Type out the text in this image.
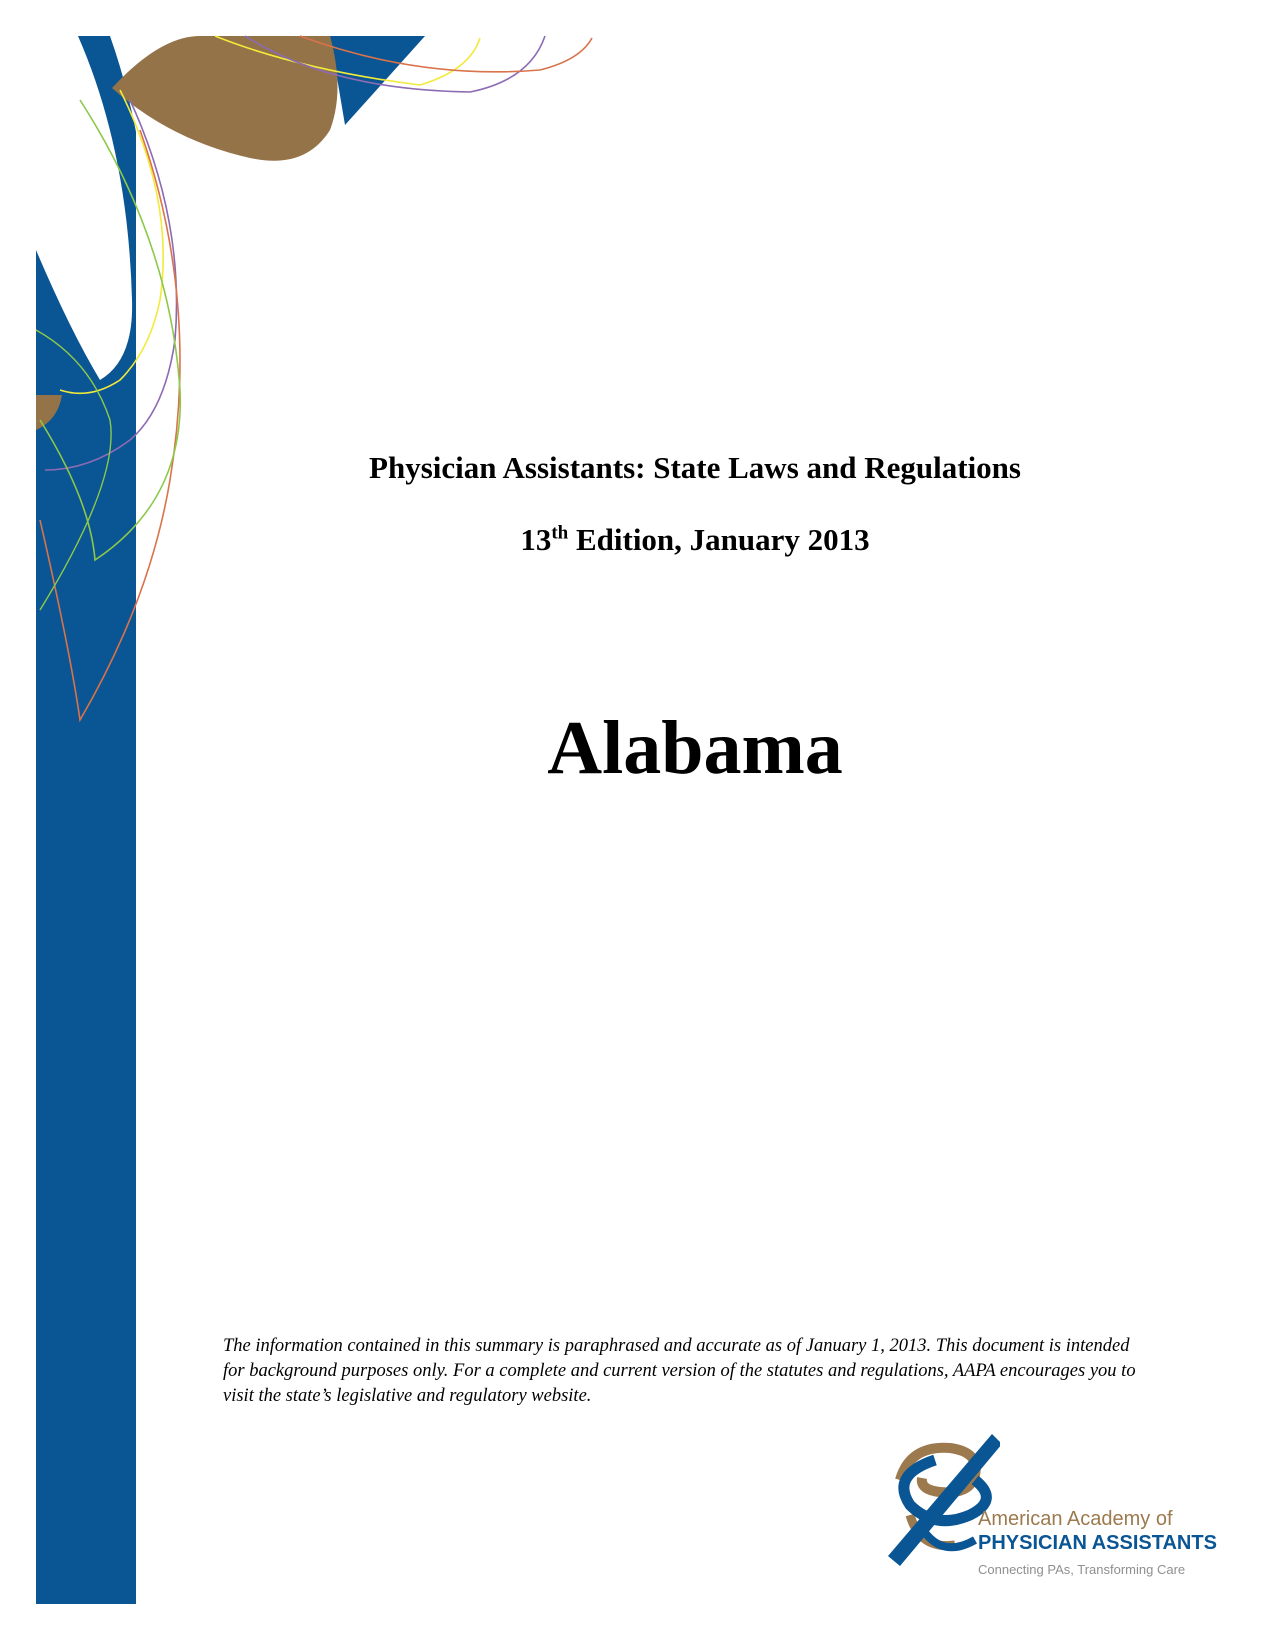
Physician Assistants: State Laws and Regulations
13th Edition, January 2013
Alabama

The information contained in this summary is paraphrased and accurate as of January 1, 2013. This document is intended for background purposes only. For a complete and current version of the statutes and regulations, AAPA encourages you to visit the state’s legislative and regulatory website.

American Academy of
PHYSICIAN ASSISTANTS
Connecting PAs, Transforming Care
